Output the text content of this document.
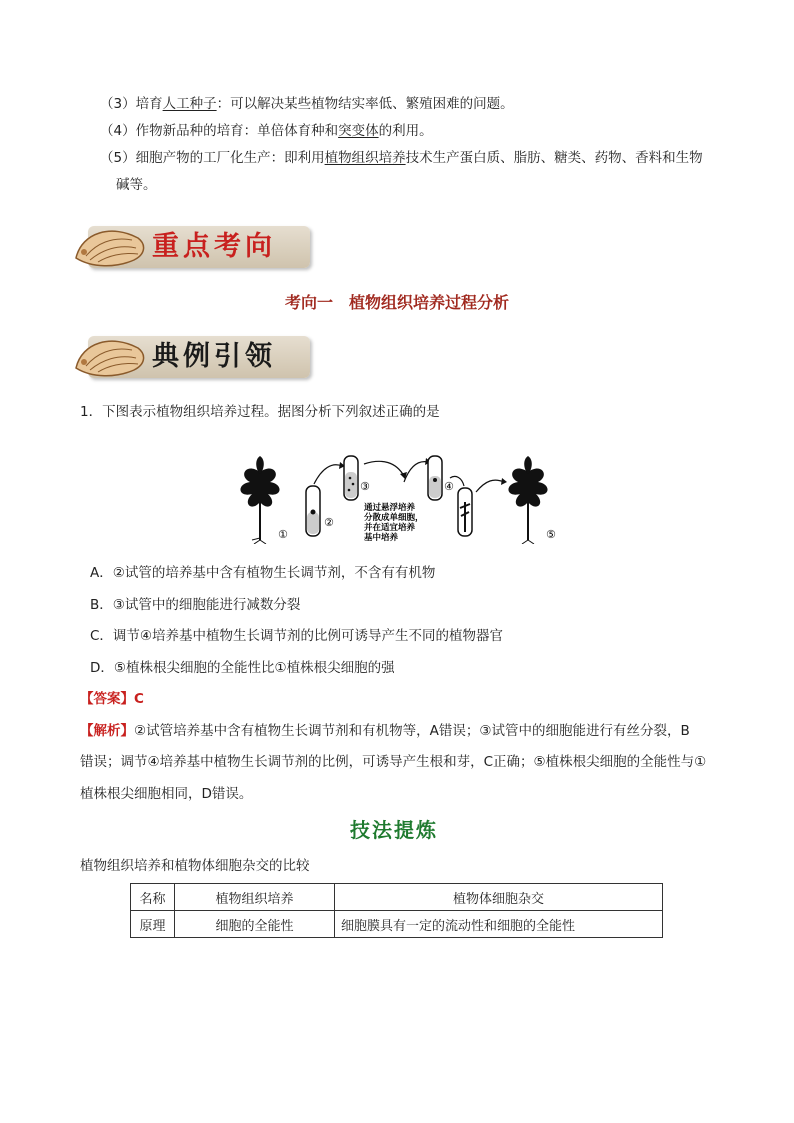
（3）培育人工种子：可以解决某些植物结实率低、繁殖困难的问题。
（4）作物新品种的培育：单倍体育种和突变体的利用。
（5）细胞产物的工厂化生产：即利用植物组织培养技术生产蛋白质、脂肪、糖类、药物、香料和生物
碱等。
重点考向
考向一　植物组织培养过程分析
典例引领
1．下图表示植物组织培养过程。据图分析下列叙述正确的是
①
②
③	④
⑤
通过悬浮培养
分散成单细胞，
并在适宜培养
基中培养
A．②试管的培养基中含有植物生长调节剂，不含有有机物
B．③试管中的细胞能进行减数分裂
C．调节④培养基中植物生长调节剂的比例可诱导产生不同的植物器官
D．⑤植株根尖细胞的全能性比①植株根尖细胞的强
【答案】C
【解析】②试管培养基中含有植物生长调节剂和有机物等，A错误；③试管中的细胞能进行有丝分裂，B
错误；调节④培养基中植物生长调节剂的比例，可诱导产生根和芽，C正确；⑤植株根尖细胞的全能性与①
植株根尖细胞相同，D错误。
技法提炼
植物组织培养和植物体细胞杂交的比较
名称	植物组织培养	植物体细胞杂交
原理	细胞的全能性	细胞膜具有一定的流动性和细胞的全能性
